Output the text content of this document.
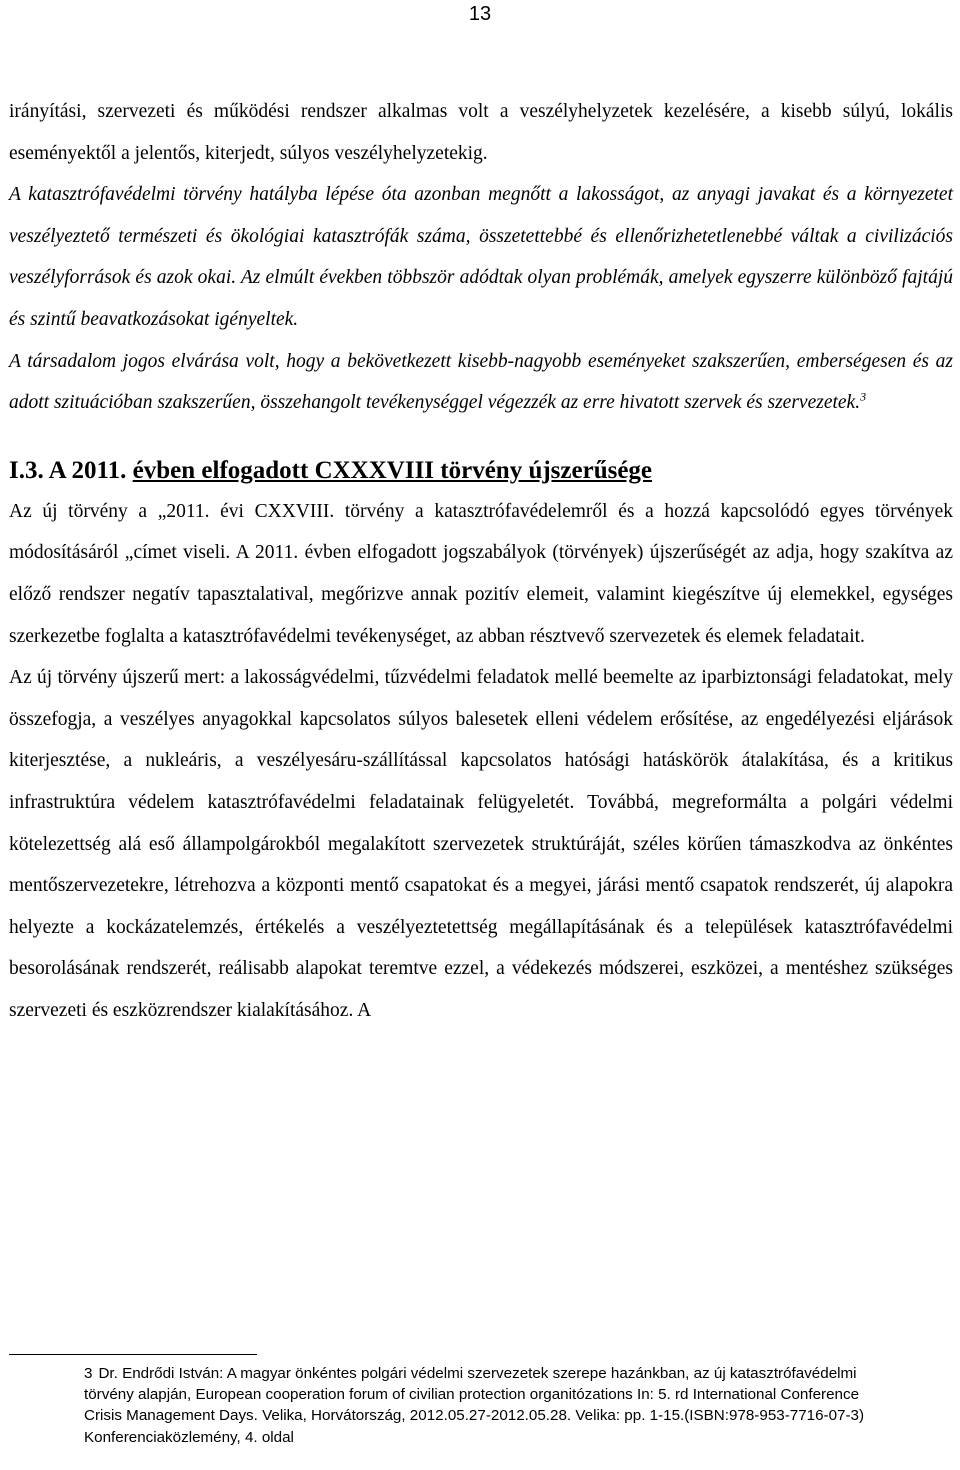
13

irányítási, szervezeti és működési rendszer alkalmas volt a veszélyhelyzetek kezelésére, a kisebb súlyú, lokális eseményektől a jelentős, kiterjedt, súlyos veszélyhelyzetekig.

A katasztrófavédelmi törvény hatályba lépése óta azonban megnőtt a lakosságot, az anyagi javakat és a környezetet veszélyeztető természeti és ökológiai katasztrófák száma, összetettebbé és ellenőrizhetetlenebbé váltak a civilizációs veszélyforrások és azok okai. Az elmúlt években többször adódtak olyan problémák, amelyek egyszerre különböző fajtájú és szintű beavatkozásokat igényeltek.

A társadalom jogos elvárása volt, hogy a bekövetkezett kisebb-nagyobb eseményeket szakszerűen, emberségesen és az adott szituációban szakszerűen, összehangolt tevékenységgel végezzék az erre hivatott szervek és szervezetek.$^3$

I.3. A 2011. évben elfogadott CXXXVIII törvény újszerűsége

Az új törvény a „2011. évi CXXVIII. törvény a katasztrófavédelemről és a hozzá kapcsolódó egyes törvények módosításáról „címet viseli. A 2011. évben elfogadott jogszabályok (törvények) újszerűségét az adja, hogy szakítva az előző rendszer negatív tapasztalatival, megőrizve annak pozitív elemeit, valamint kiegészítve új elemekkel, egységes szerkezetbe foglalta a katasztrófavédelmi tevékenységet, az abban résztvevő szervezetek és elemek feladatait.

Az új törvény újszerű mert: a lakosságvédelmi, tűzvédelmi feladatok mellé beemelte az iparbiztonsági feladatokat, mely összefogja, a veszélyes anyagokkal kapcsolatos súlyos balesetek elleni védelem erősítése, az engedélyezési eljárások kiterjesztése, a nukleáris, a veszélyesáru-szállítással kapcsolatos hatósági hatáskörök átalakítása, és a kritikus infrastruktúra védelem katasztrófavédelmi feladatainak felügyeletét. Továbbá, megreformálta a polgári védelmi kötelezettség alá eső állampolgárokból megalakított szervezetek struktúráját, széles körűen támaszkodva az önkéntes mentőszervezetekre, létrehozva a központi mentő csapatokat és a megyei, járási mentő csapatok rendszerét, új alapokra helyezte a kockázatelemzés, értékelés a veszélyeztetettség megállapításának és a települések katasztrófavédelmi besorolásának rendszerét, reálisabb alapokat teremtve ezzel, a védekezés módszerei, eszközei, a mentéshez szükséges szervezeti és eszközrendszer kialakításához. A

3 Dr. Endrődi István: A magyar önkéntes polgári védelmi szervezetek szerepe hazánkban, az új katasztrófavédelmi törvény alapján, European cooperation forum of civilian protection organitózations In: 5. rd International Conference Crisis Management Days. Velika, Horvátország, 2012.05.27-2012.05.28. Velika: pp. 1-15.(ISBN:978-953-7716-07-3) Konferenciaközlemény, 4. oldal
